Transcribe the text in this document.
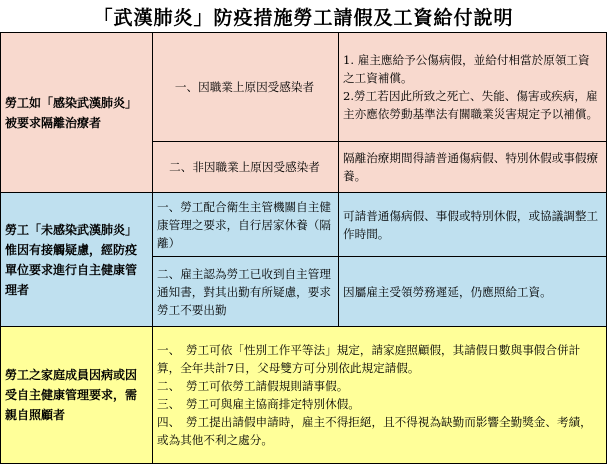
「武漢肺炎」防疫措施勞工請假及工資給付說明
勞工如「感染武漢肺炎」被要求隔離治療者	一、因職業上原因受感染者	1. 雇主應給予公傷病假，並給付相當於原領工資之工資補償。
2.勞工若因此所致之死亡、失能、傷害或疾病，雇主亦應依勞動基準法有關職業災害規定予以補償。

	二、非因職業上原因受感染者	隔離治療期間得請普通傷病假、特別休假或事假療養。

勞工「未感染武漢肺炎」惟因有接觸疑慮，經防疫單位要求進行自主健康管理者	一、勞工配合衛生主管機關自主健康管理之要求，自行居家休養（隔離）	可請普通傷病假、事假或特別休假，或協議調整工作時間。

	二、雇主認為勞工已收到自主管理通知書，對其出勤有所疑慮，要求勞工不要出勤	因屬雇主受領勞務遲延，仍應照給工資。

勞工之家庭成員因病或因受自主健康管理要求，需親自照顧者	一、　勞工可依「性別工作平等法」規定，請家庭照顧假，其請假日數與事假合併計算，全年共計7日，父母雙方可分別依此規定請假。
二、　勞工可依勞工請假規則請事假。
三、　勞工可與雇主協商排定特別休假。
四、　勞工提出請假申請時，雇主不得拒絕，且不得視為缺勤而影響全勤獎金、考績，或為其他不利之處分。	
